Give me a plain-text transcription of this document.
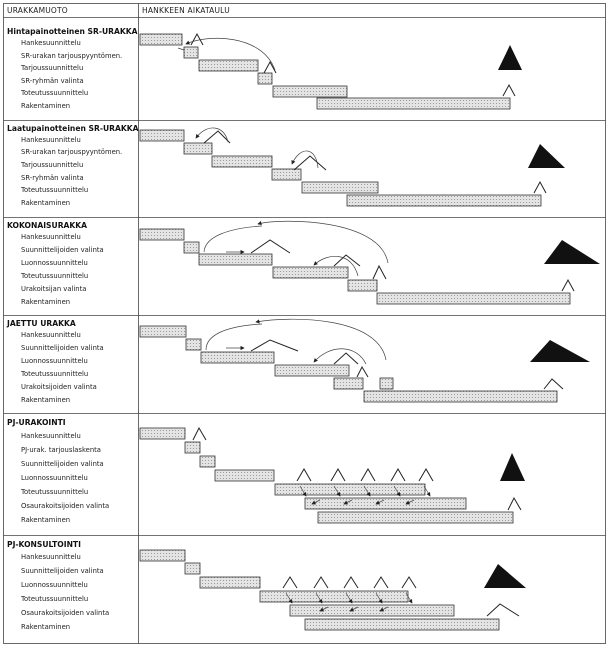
URAKKAMUOTO	HANKKEEN AIKATAULU
Hintapainotteinen SR-URAKKA
Hankesuunnittelu
SR-urakan tarjouspyyntömen.
Tarjoussuunnittelu
SR-ryhmän valinta
Toteutussuunnittelu
Rakentaminen
Laatupainotteinen SR-URAKKA
Hankesuunnittelu
SR-urakan tarjouspyyntömen.
Tarjoussuunnittelu
SR-ryhmän valinta
Toteutussuunnittelu
Rakentaminen
KOKONAISURAKKA
Hankesuunnittelu
Suunnittelijoiden valinta
Luonnossuunnittelu
Toteutussuunnittelu
Urakoitsijan valinta
Rakentaminen
JAETTU URAKKA
Hankesuunnittelu
Suunnittelijoiden valinta
Luonnossuunnittelu
Toteutussuunnittelu
Urakoitsijoiden valinta
Rakentaminen
PJ-URAKOINTI
Hankesuunnittelu
PJ-urak. tarjouslaskenta
Suunnittelijoiden valinta
Luonnossuunnittelu
Toteutussuunnittelu
Osaurakoitsijoiden valinta
Rakentaminen
PJ-KONSULTOINTI
Hankesuunnittelu
Suunnittelijoiden valinta
Luonnossuunnittelu
Toteutussuunnittelu
Osaurakoitsijoiden valinta
Rakentaminen
